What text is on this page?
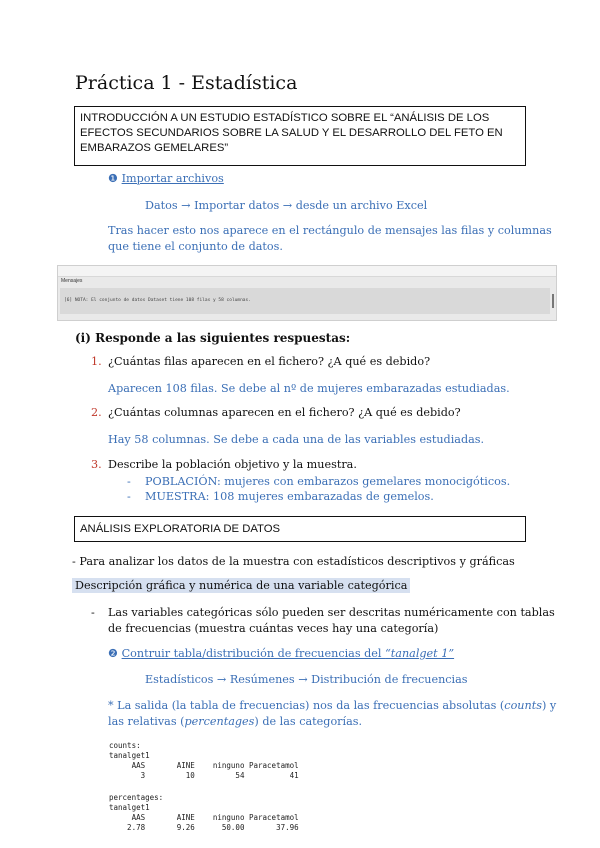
Práctica 1 - Estadística
INTRODUCCIÓN A UN ESTUDIO ESTADÍSTICO SOBRE EL “ANÁLISIS DE LOS EFECTOS SECUNDARIOS SOBRE LA SALUD Y EL DESARROLLO DEL FETO EN EMBARAZOS GEMELARES”
❶ Importar archivos
Datos → Importar datos → desde un archivo Excel
Tras hacer esto nos aparece en el rectángulo de mensajes las filas y columnas
que tiene el conjunto de datos.
Mensajes
[6] NOTA: El conjunto de datos Dataset tiene 108 filas y 58 columnas.
(i) Responde a las siguientes respuestas:
1. ¿Cuántas filas aparecen en el fichero? ¿A qué es debido?
Aparecen 108 filas. Se debe al nº de mujeres embarazadas estudiadas.
2. ¿Cuántas columnas aparecen en el fichero? ¿A qué es debido?
Hay 58 columnas. Se debe a cada una de las variables estudiadas.
3. Describe la población objetivo y la muestra.
- POBLACIÓN: mujeres con embarazos gemelares monocigóticos.
- MUESTRA: 108 mujeres embarazadas de gemelos.
ANÁLISIS EXPLORATORIA DE DATOS
- Para analizar los datos de la muestra con estadísticos descriptivos y gráficas
Descripción gráfica y numérica de una variable categórica
- Las variables categóricas sólo pueden ser descritas numéricamente con tablas
de frecuencias (muestra cuántas veces hay una categoría)
❷ Contruir tabla/distribución de frecuencias del “tanalget 1”
Estadísticos → Resúmenes → Distribución de frecuencias
* La salida (la tabla de frecuencias) nos da las frecuencias absolutas (counts) y
las relativas (percentages) de las categorías.
counts:
tanalget1
AAS       AINE    ninguno Paracetamol
3         10         54          41
percentages:
tanalget1
AAS       AINE    ninguno Paracetamol
2.78       9.26      50.00       37.96
